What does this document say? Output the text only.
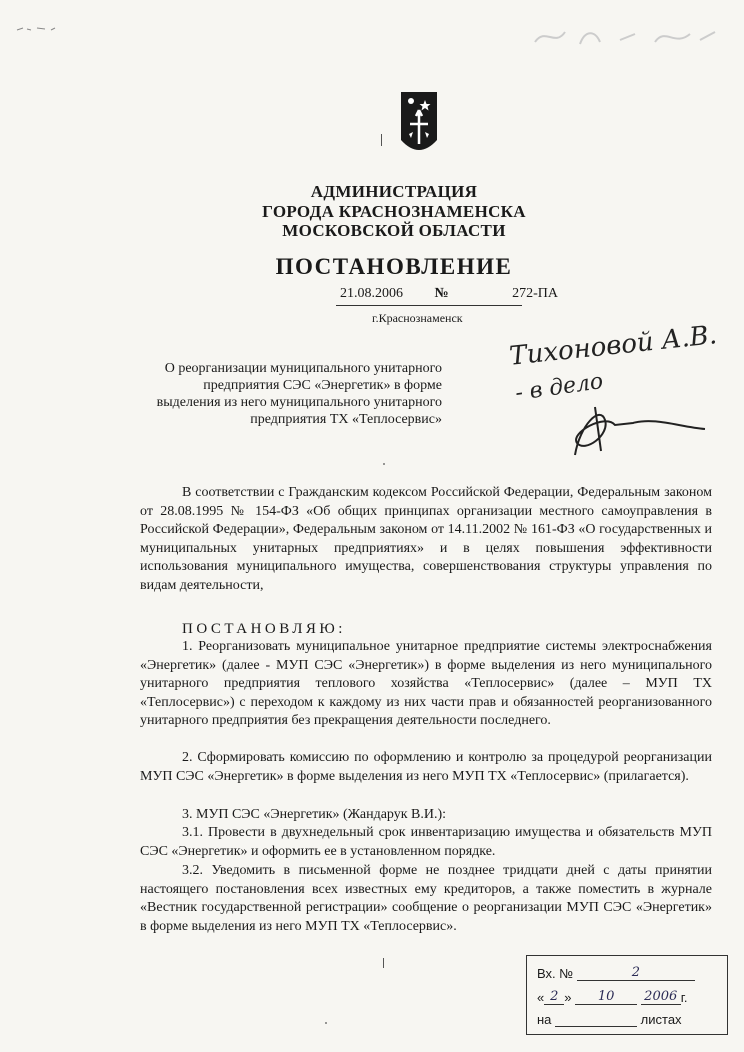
АДМИНИСТРАЦИЯ
ГОРОДА КРАСНОЗНАМЕНСКА
МОСКОВСКОЙ ОБЛАСТИ
ПОСТАНОВЛЕНИЕ
21.08.2006 №	272-ПА
г.Краснознаменск
О реорганизации муниципального унитарного предприятия СЭС «Энергетик» в форме выделения из него муниципального унитарного предприятия ТХ «Теплосервис»
Тихоновой А.В.
- в дело
В соответствии с Гражданским кодексом Российской Федерации, Федеральным законом от 28.08.1995 № 154-ФЗ «Об общих принципах организации местного самоуправления в Российской Федерации», Федеральным законом от 14.11.2002 № 161-ФЗ «О государственных и муниципальных унитарных предприятиях» и в целях повышения эффективности использования муниципального имущества, совершенствования структуры управления по видам деятельности,
ПОСТАНОВЛЯЮ:
1. Реорганизовать муниципальное унитарное предприятие системы электроснабжения «Энергетик» (далее - МУП СЭС «Энергетик») в форме выделения из него муниципального унитарного предприятия теплового хозяйства «Теплосервис» (далее – МУП ТХ «Теплосервис») с переходом к каждому из них части прав и обязанностей реорганизованного унитарного предприятия без прекращения деятельности последнего.
2. Сформировать комиссию по оформлению и контролю за процедурой реорганизации МУП СЭС «Энергетик» в форме выделения из него МУП ТХ «Теплосервис» (прилагается).
3. МУП СЭС «Энергетик» (Жандарук В.И.):
3.1. Провести в двухнедельный срок инвентаризацию имущества и обязательств МУП СЭС «Энергетик» и оформить ее в установленном порядке.
3.2. Уведомить в письменной форме не позднее тридцати дней с даты принятии настоящего постановления всех известных ему кредиторов, а также поместить в журнале «Вестник государственной регистрации» сообщение о реорганизации МУП СЭС «Энергетик» в форме выделения из него МУП ТХ «Теплосервис».
Вх. №	2
« 2 » 10 2006 г.
на	листах
